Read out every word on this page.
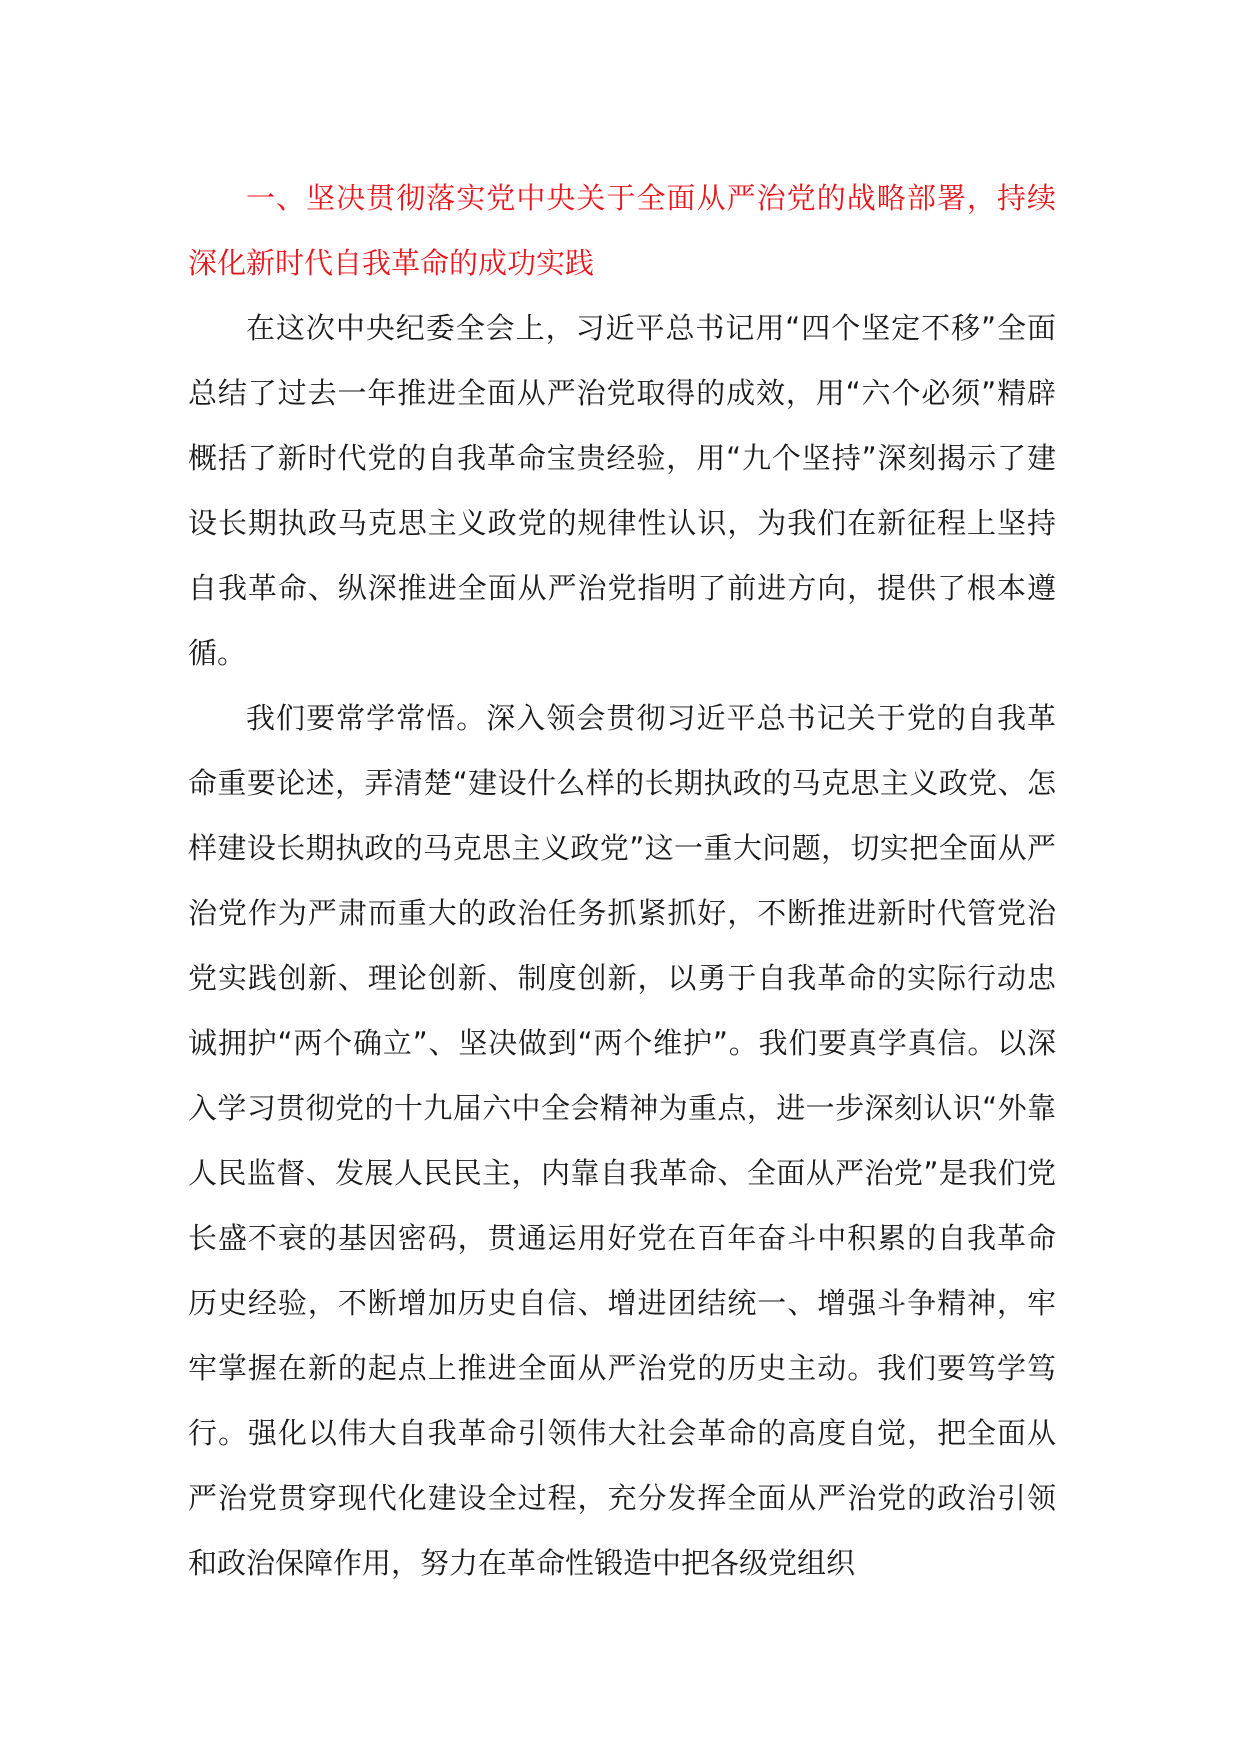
一、坚决贯彻落实党中央关于全面从严治党的战略部署，持续深化新时代自我革命的成功实践

在这次中央纪委全会上，习近平总书记用“四个坚定不移”全面总结了过去一年推进全面从严治党取得的成效，用“六个必须”精辟概括了新时代党的自我革命宝贵经验，用“九个坚持”深刻揭示了建设长期执政马克思主义政党的规律性认识，为我们在新征程上坚持自我革命、纵深推进全面从严治党指明了前进方向，提供了根本遵循。

我们要常学常悟。深入领会贯彻习近平总书记关于党的自我革命重要论述，弄清楚“建设什么样的长期执政的马克思主义政党、怎样建设长期执政的马克思主义政党”这一重大问题，切实把全面从严治党作为严肃而重大的政治任务抓紧抓好，不断推进新时代管党治党实践创新、理论创新、制度创新，以勇于自我革命的实际行动忠诚拥护“两个确立”、坚决做到“两个维护”。我们要真学真信。以深入学习贯彻党的十九届六中全会精神为重点，进一步深刻认识“外靠人民监督、发展人民民主，内靠自我革命、全面从严治党”是我们党长盛不衰的基因密码，贯通运用好党在百年奋斗中积累的自我革命历史经验，不断增加历史自信、增进团结统一、增强斗争精神，牢牢掌握在新的起点上推进全面从严治党的历史主动。我们要笃学笃行。强化以伟大自我革命引领伟大社会革命的高度自觉，把全面从严治党贯穿现代化建设全过程，充分发挥全面从严治党的政治引领和政治保障作用，努力在革命性锻造中把各级党组织
